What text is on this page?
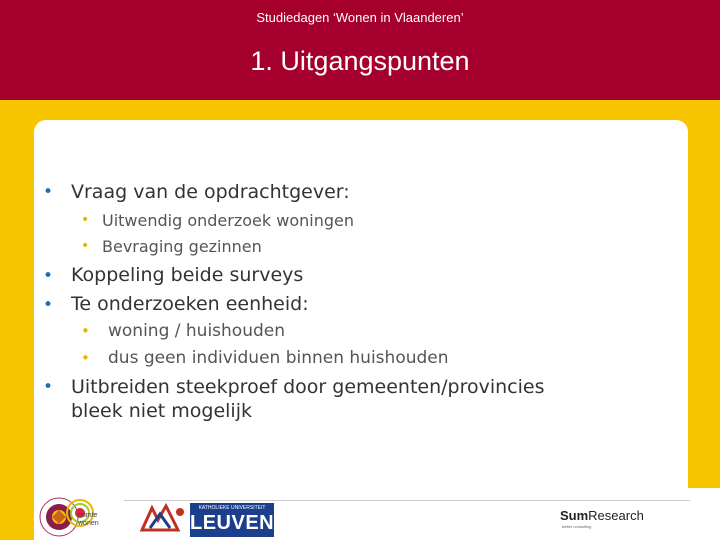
Studiedagen ‘Wonen in Vlaanderen’
1. Uitgangspunten
• Vraag van de opdrachtgever:
• Uitwendig onderzoek woningen
• Bevraging gezinnen
• Koppeling beide surveys
• Te onderzoeken eenheid:
• woning / huishouden
• dus geen individuen binnen huishouden
• Uitbreiden steekproef door gemeenten/provincies
bleek niet mogelijk
ruimte
wonen
KATHOLIEKE UNIVERSITEIT
LEUVEN	SumResearch
better consulting
